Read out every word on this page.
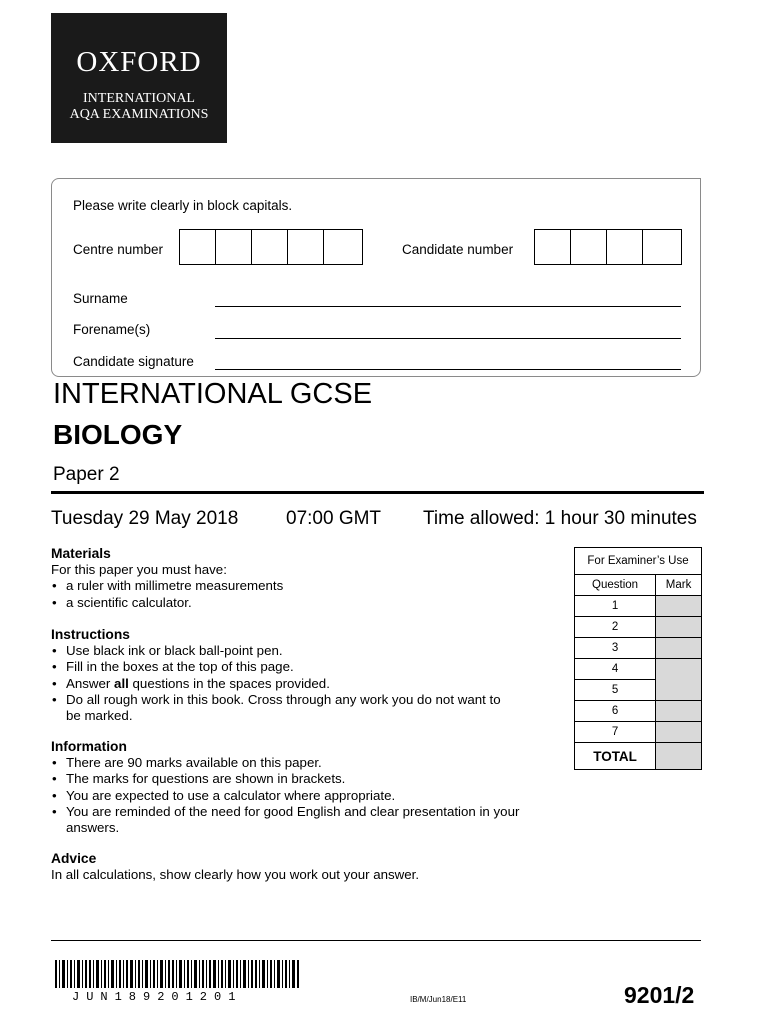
OXFORD
INTERNATIONAL
AQA EXAMINATIONS
Please write clearly in block capitals.
Centre number	Candidate number
Surname
Forename(s)
Candidate signature
INTERNATIONAL GCSE
BIOLOGY
Paper 2
Tuesday 29 May 2018	07:00 GMT Time allowed: 1 hour 30 minutes
Materials
For this paper you must have:
• a ruler with millimetre measurements
• a scientific calculator.
Instructions
• Use black ink or black ball-point pen.
• Fill in the boxes at the top of this page.
• Answer all questions in the spaces provided.
• Do all rough work in this book. Cross through any work you do not want to be marked.
Information
• There are 90 marks available on this paper.
• The marks for questions are shown in brackets.
• You are expected to use a calculator where appropriate.
• You are reminded of the need for good English and clear presentation in your answers.
Advice
In all calculations, show clearly how you work out your answer.
For Examiner’s Use	
Question	Mark
1	
2	
3	
4	
5	
6	
7	
TOTAL	
JUN189201201	IB/M/Jun18/E11	9201/2
